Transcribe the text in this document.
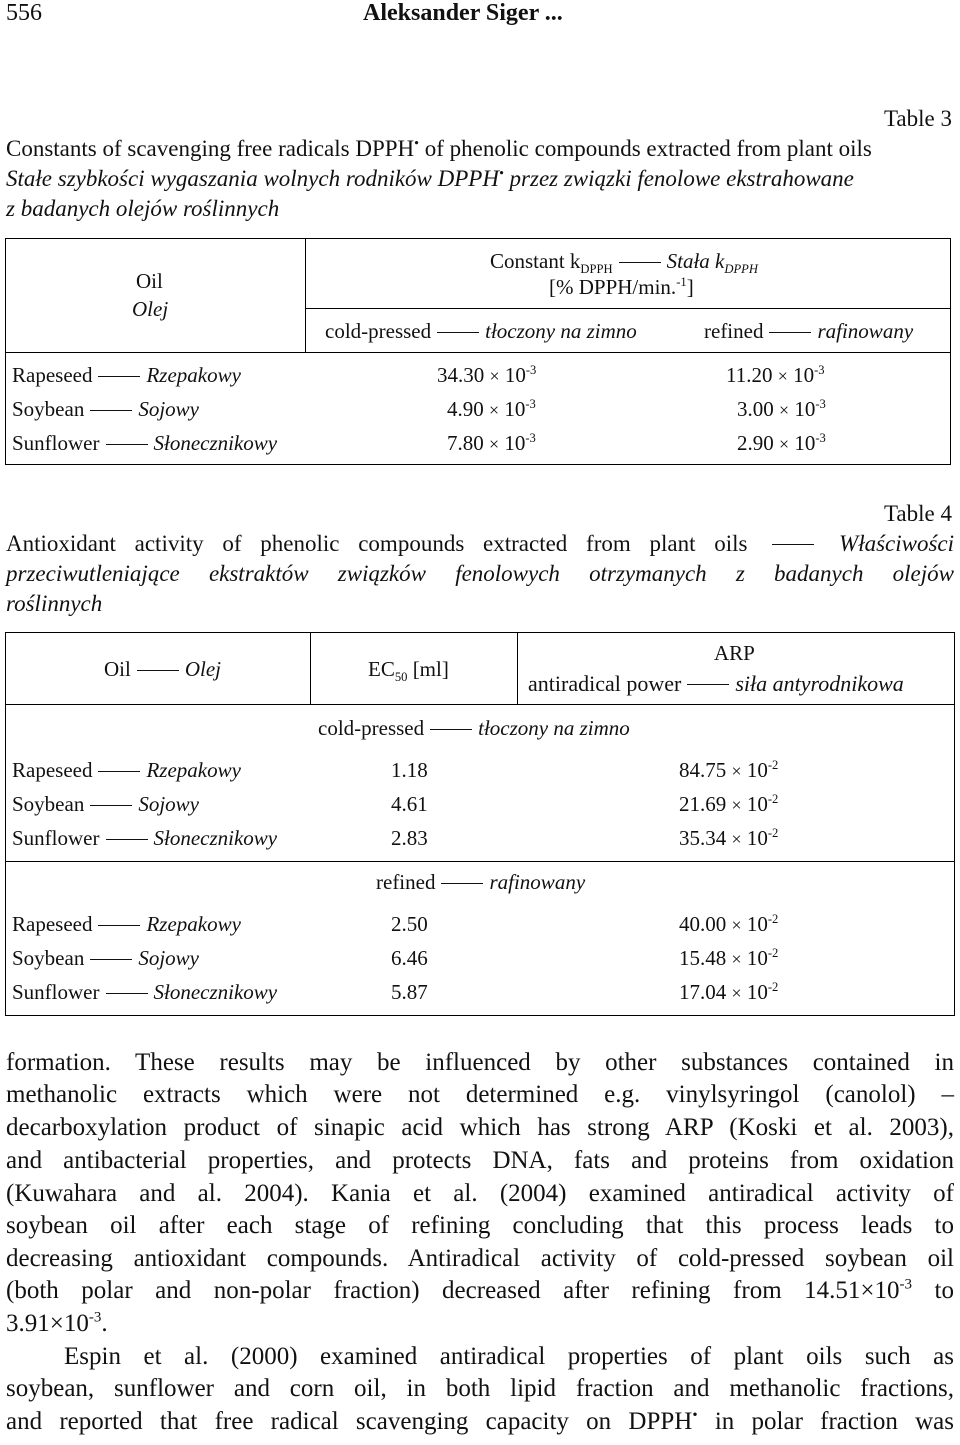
556	Aleksander Siger ...
Table 3
Constants of scavenging free radicals DPPH• of phenolic compounds extracted from plant oils
Stałe szybkości wygaszania wolnych rodników DPPH• przez związki fenolowe ekstrahowane
z badanych olejów roślinnych
Oil
Olej
Constant $k_{DPPH}$	Stała $k_{DPPH}$
[% DPPH/min.$^{-1}$]
cold-pressed	tłoczony na zimno	refined	rafinowany
Rapeseed	Rzepakowy	$34.30 \times 10^{-3}$	$11.20 \times 10^{-3}$
Soybean	Sojowy	$4.90 \times 10^{-3}$	$3.00 \times 10^{-3}$
Sunflower	Słonecznikowy	$7.80 \times 10^{-3}$	$2.90 \times 10^{-3}$
Table 4
Antioxidant activity of phenolic compounds extracted from plant oils	Właściwości
przeciwutleniające ekstraktów związków fenolowych otrzymanych z badanych olejów
roślinnych
Oil	Olej	$EC_{50}$ [ml]
ARP
antiradical power siła antyrodnikowa
cold-pressed	tłoczony na zimno
Rapeseed	Rzepakowy	1.18	$84.75 \times 10^{-2}$
Soybean	Sojowy	4.61	$21.69 \times 10^{-2}$
Sunflower	Słonecznikowy	2.83	$35.34 \times 10^{-2}$
refined	rafinowany
Rapeseed	Rzepakowy	2.50	$40.00 \times 10^{-2}$
Soybean	Sojowy	6.46	$15.48 \times 10^{-2}$
Sunflower	Słonecznikowy	5.87	$17.04 \times 10^{-2}$
formation. These results may be influenced by other substances contained in
methanolic extracts which were not determined e.g. vinylsyringol (canolol) –
decarboxylation product of sinapic acid which has strong ARP (Koski et al. 2003),
and antibacterial properties, and protects DNA, fats and proteins from oxidation
(Kuwahara and al. 2004). Kania et al. (2004) examined antiradical activity of
soybean oil after each stage of refining concluding that this process leads to
decreasing antioxidant compounds. Antiradical activity of cold-pressed soybean oil
(both polar and non-polar fraction) decreased after refining from $14.51\times 10^{-3}$ to
$3.91\times 10^{-3}$.
Espin et al. (2000) examined antiradical properties of plant oils such as
soybean, sunflower and corn oil, in both lipid fraction and methanolic fractions,
and reported that free radical scavenging capacity on DPPH• in polar fraction was
